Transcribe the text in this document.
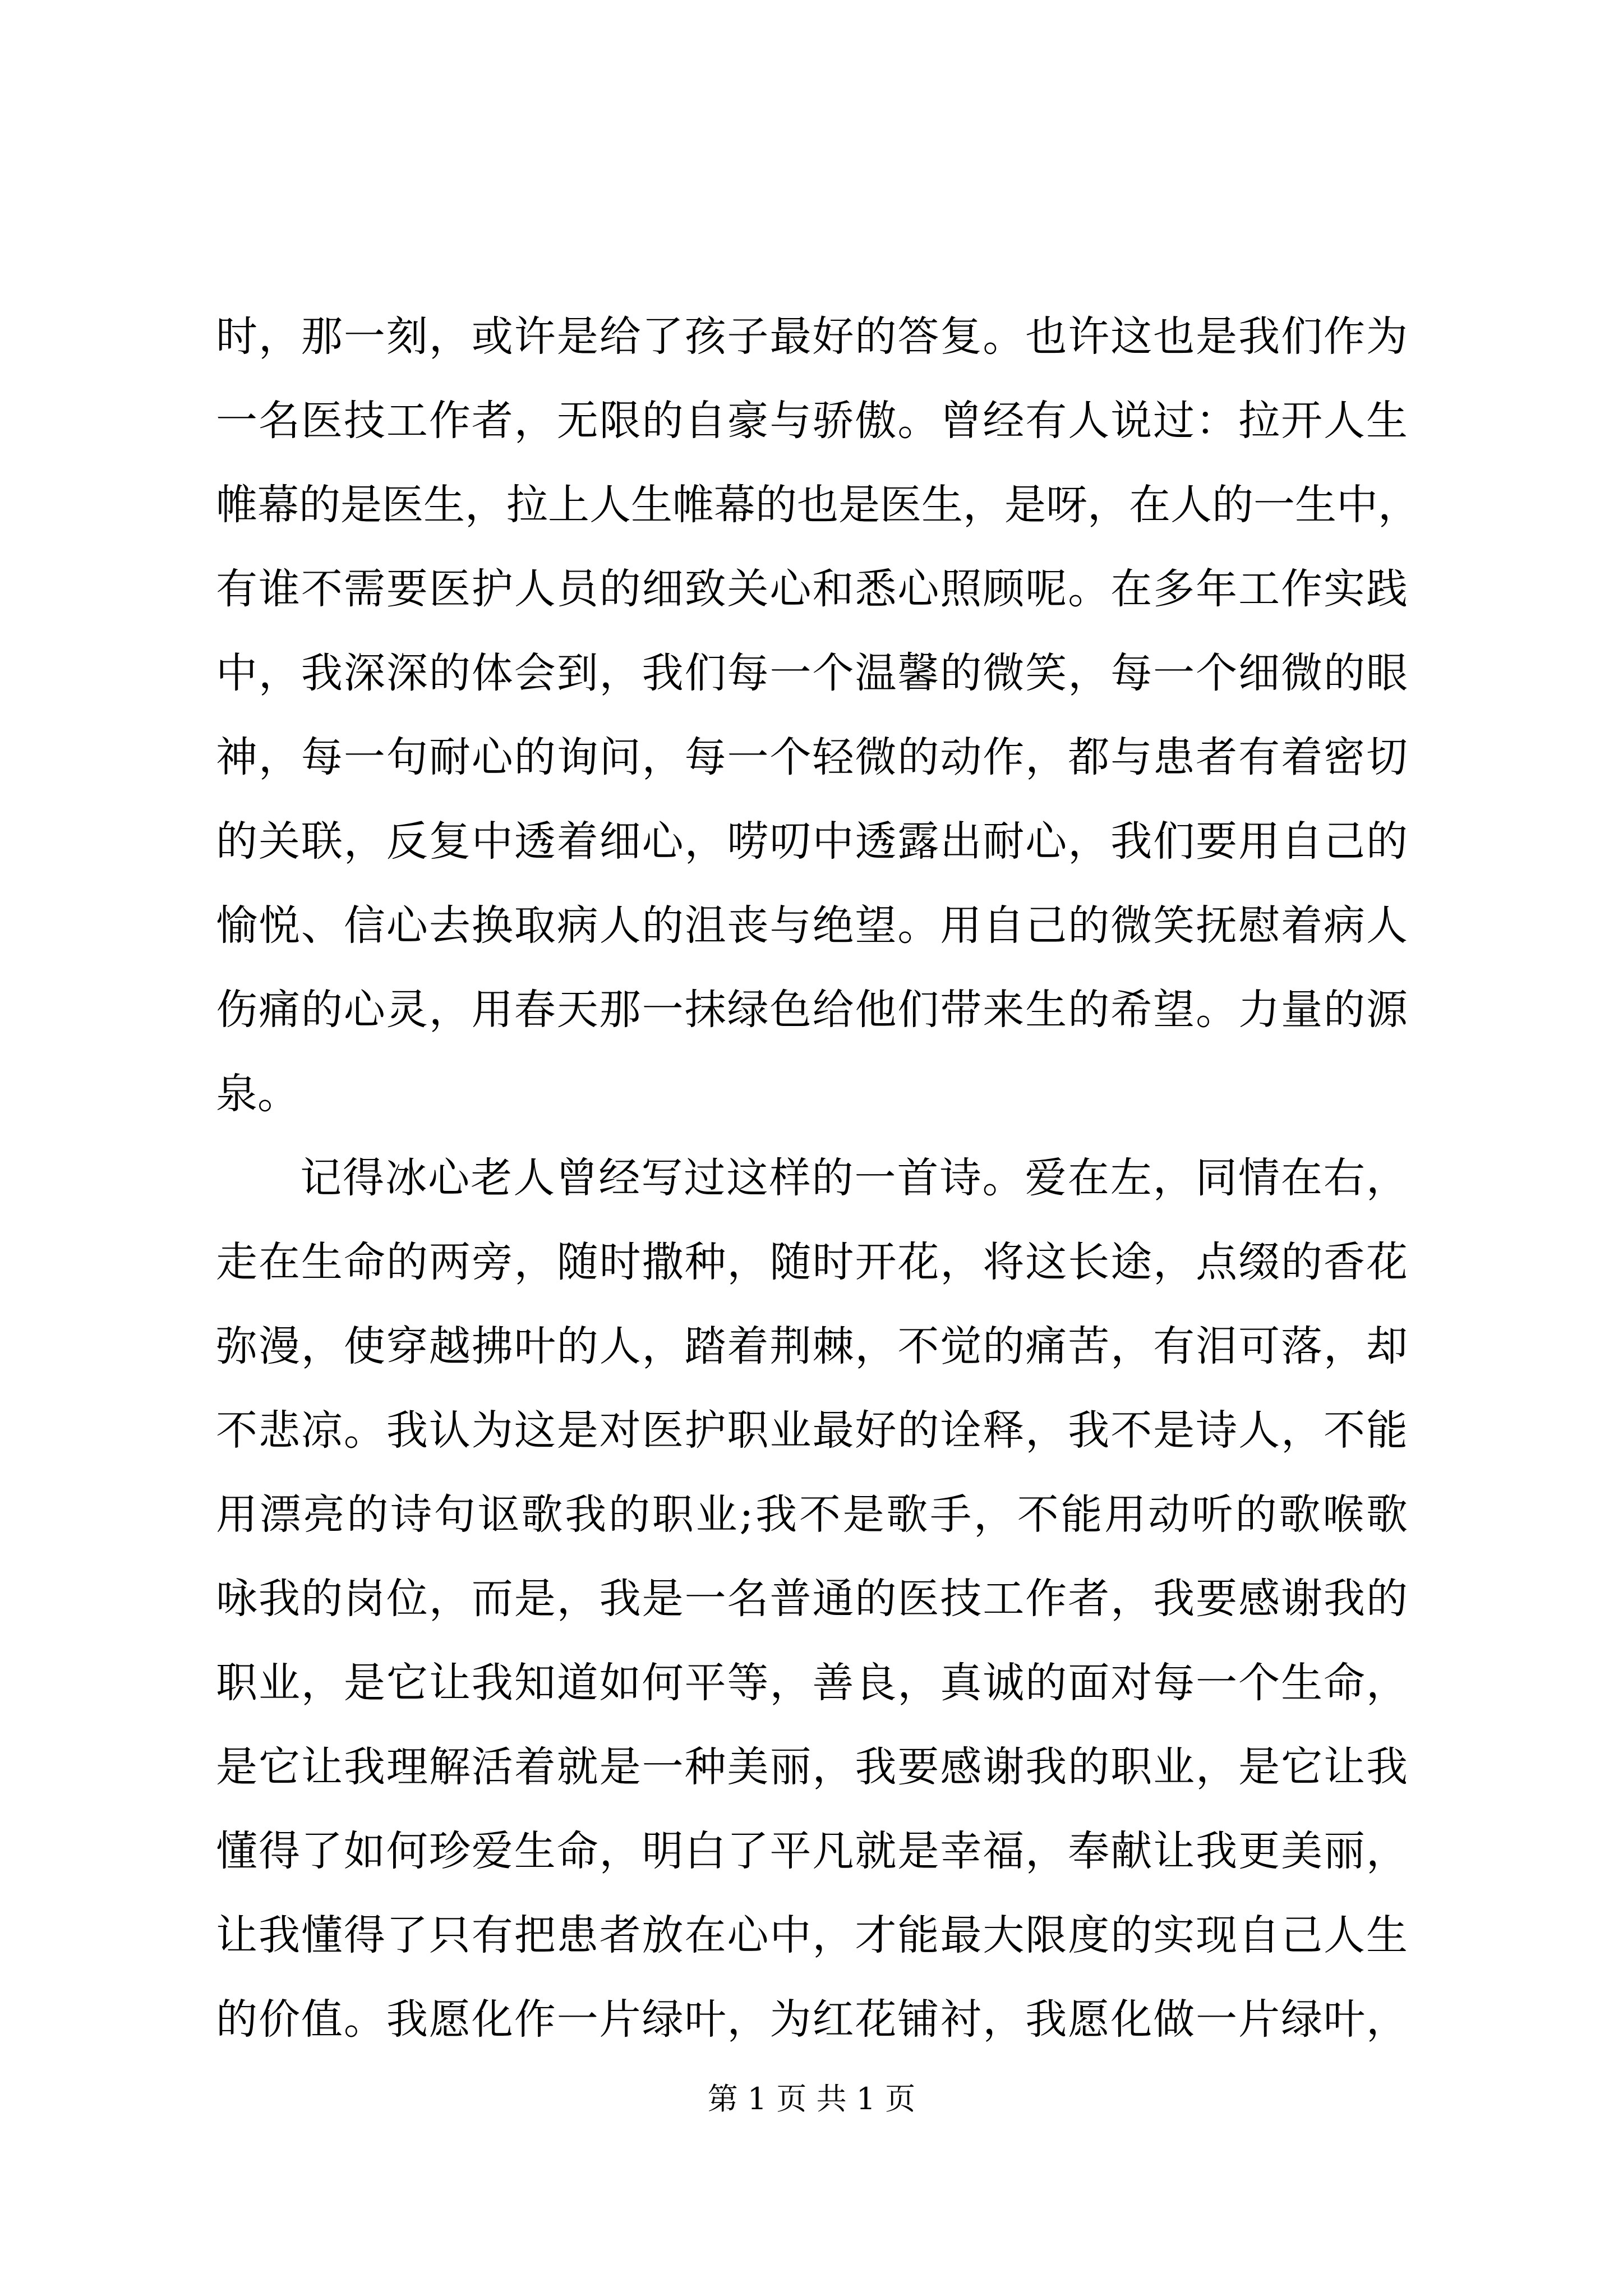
时，那一刻，或许是给了孩子最好的答复。也许这也是我们作为
一名医技工作者，无限的自豪与骄傲。曾经有人说过：拉开人生
帷幕的是医生，拉上人生帷幕的也是医生，是呀，在人的一生中，
有谁不需要医护人员的细致关心和悉心照顾呢。在多年工作实践
中，我深深的体会到，我们每一个温馨的微笑，每一个细微的眼
神，每一句耐心的询问，每一个轻微的动作，都与患者有着密切
的关联，反复中透着细心，唠叨中透露出耐心，我们要用自己的
愉悦、信心去换取病人的沮丧与绝望。用自己的微笑抚慰着病人
伤痛的心灵，用春天那一抹绿色给他们带来生的希望。力量的源
泉。
记得冰心老人曾经写过这样的一首诗。爱在左，同情在右，
走在生命的两旁，随时撒种，随时开花，将这长途，点缀的香花
弥漫，使穿越拂叶的人，踏着荆棘，不觉的痛苦，有泪可落，却
不悲凉。我认为这是对医护职业最好的诠释，我不是诗人，不能
用漂亮的诗句讴歌我的职业;我不是歌手，不能用动听的歌喉歌
咏我的岗位，而是，我是一名普通的医技工作者，我要感谢我的
职业，是它让我知道如何平等，善良，真诚的面对每一个生命，
是它让我理解活着就是一种美丽，我要感谢我的职业，是它让我
懂得了如何珍爱生命，明白了平凡就是幸福，奉献让我更美丽，
让我懂得了只有把患者放在心中，才能最大限度的实现自己人生
的价值。我愿化作一片绿叶，为红花铺衬，我愿化做一片绿叶，
第 1 页 共 1 页
